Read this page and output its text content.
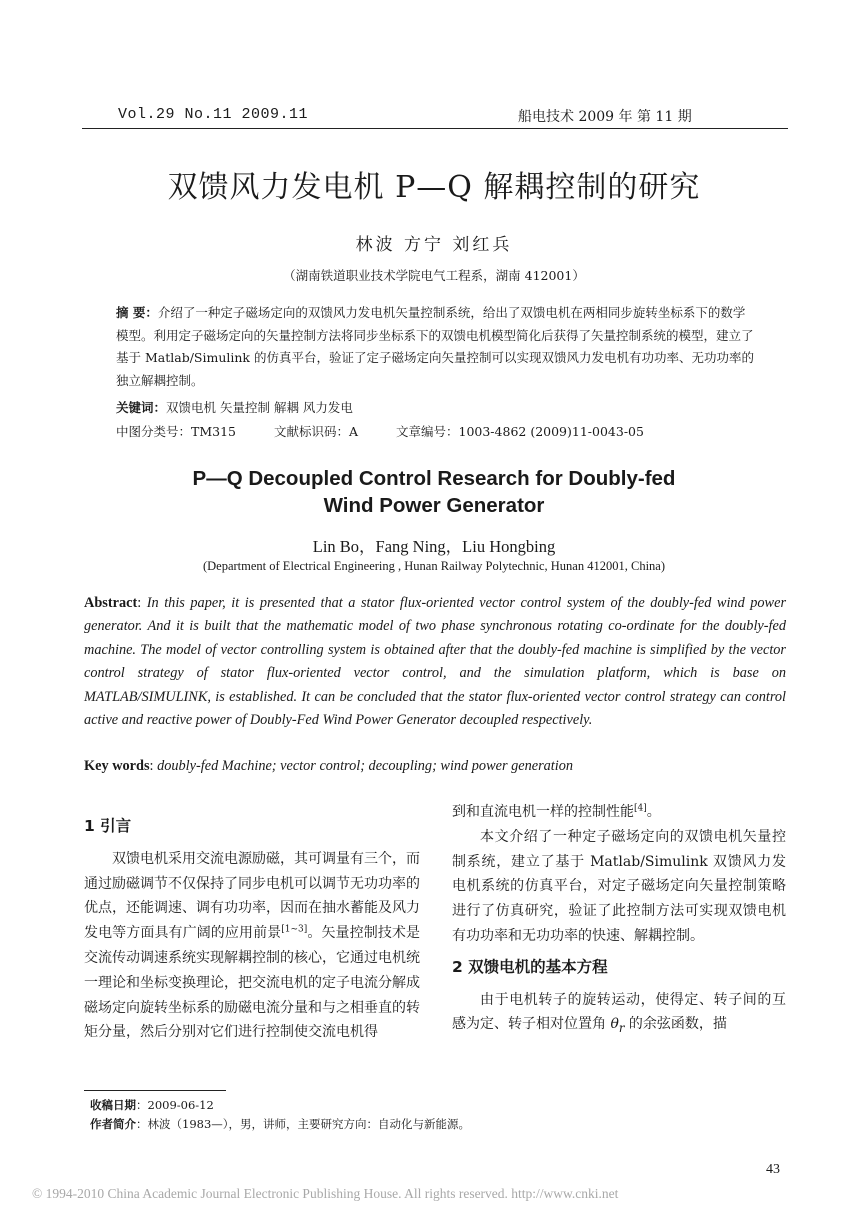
Vol.29 No.11 2009.11	船电技术 2009 年 第 11 期
双馈风力发电机 P—Q 解耦控制的研究
林波 方宁 刘红兵
（湖南铁道职业技术学院电气工程系，湖南 412001）
摘 要：介绍了一种定子磁场定向的双馈风力发电机矢量控制系统，给出了双馈电机在两相同步旋转坐标系下的数学模型。利用定子磁场定向的矢量控制方法将同步坐标系下的双馈电机模型简化后获得了矢量控制系统的模型，建立了基于 Matlab/Simulink 的仿真平台，验证了定子磁场定向矢量控制可以实现双馈风力发电机有功功率、无功功率的独立解耦控制。
关键词：双馈电机 矢量控制 解耦 风力发电
中图分类号：TM315	文献标识码：A	文章编号：1003-4862 (2009)11-0043-05
P—Q Decoupled Control Research for Doubly-fed
Wind Power Generator
Lin Bo，Fang Ning，Liu Hongbing
(Department of Electrical Engineering , Hunan Railway Polytechnic, Hunan 412001, China)
Abstract: In this paper, it is presented that a stator flux-oriented vector control system of the doubly-fed wind power generator. And it is built that the mathematic model of two phase synchronous rotating co-ordinate for the doubly-fed machine. The model of vector controlling system is obtained after that the doubly-fed machine is simplified by the vector control strategy of stator flux-oriented vector control, and the simulation platform, which is base on MATLAB/SIMULINK, is established. It can be concluded that the stator flux-oriented vector control strategy can control active and reactive power of Doubly-Fed Wind Power Generator decoupled respectively.
Key words: doubly-fed Machine; vector control; decoupling; wind power generation
1 引言

双馈电机采用交流电源励磁，其可调量有三个，而通过励磁调节不仅保持了同步电机可以调节无功功率的优点，还能调速、调有功功率，因而在抽水蓄能及风力发电等方面具有广阔的应用前景[1~3]。矢量控制技术是交流传动调速系统实现解耦控制的核心，它通过电机统一理论和坐标变换理论，把交流电机的定子电流分解成磁场定向旋转坐标系的励磁电流分量和与之相垂直的转矩分量，然后分别对它们进行控制使交流电机得

到和直流电机一样的控制性能[4]。

本文介绍了一种定子磁场定向的双馈电机矢量控制系统，建立了基于 Matlab/Simulink 双馈风力发电机系统的仿真平台，对定子磁场定向矢量控制策略进行了仿真研究，验证了此控制方法可实现双馈电机有功功率和无功功率的快速、解耦控制。

2 双馈电机的基本方程

由于电机转子的旋转运动，使得定、转子间的互感为定、转子相对位置角 $\theta_r$ 的余弦函数，描

收稿日期：2009-06-12
作者简介：林波（1983—），男，讲师，主要研究方向：自动化与新能源。
43
© 1994-2010 China Academic Journal Electronic Publishing House. All rights reserved. http://www.cnki.net
